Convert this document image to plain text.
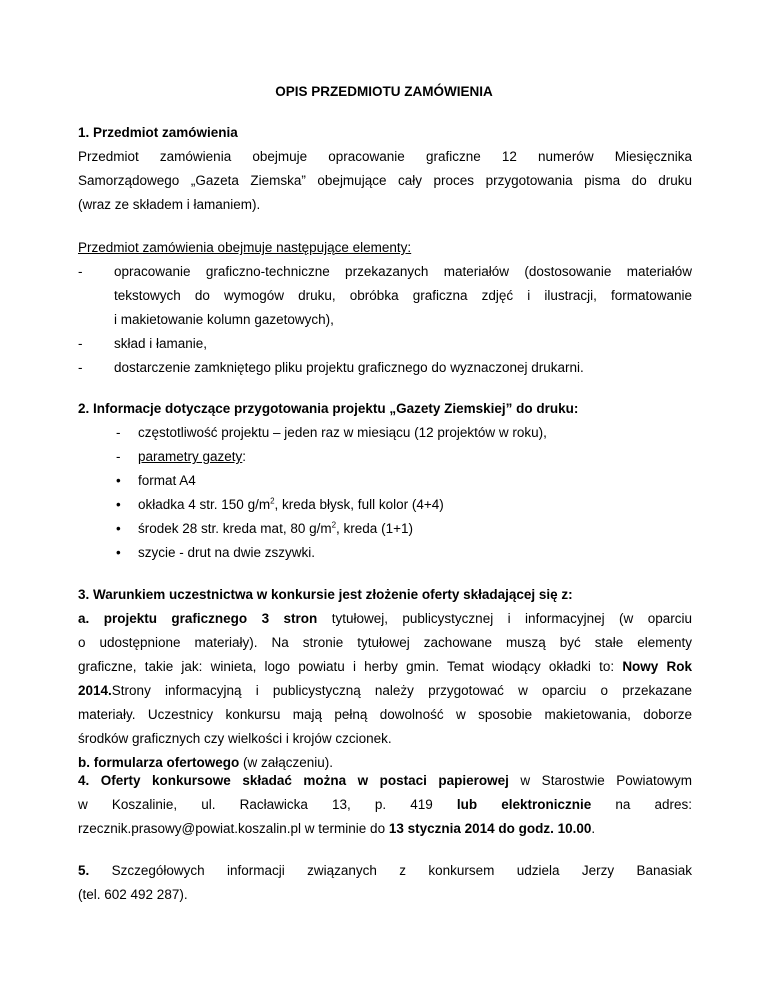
OPIS PRZEDMIOTU ZAMÓWIENIA
1. Przedmiot zamówienia
Przedmiot zamówienia obejmuje opracowanie graficzne 12 numerów Miesięcznika
Samorządowego „Gazeta Ziemska” obejmujące cały proces przygotowania pisma do druku
(wraz ze składem i łamaniem).
Przedmiot zamówienia obejmuje następujące elementy:
-	opracowanie graficzno-techniczne przekazanych materiałów (dostosowanie materiałów
tekstowych do wymogów druku, obróbka graficzna zdjęć i ilustracji, formatowanie
i makietowanie kolumn gazetowych),
-	skład i łamanie,
-	dostarczenie zamkniętego pliku projektu graficznego do wyznaczonej drukarni.
2. Informacje dotyczące przygotowania projektu „Gazety Ziemskiej” do druku:
- częstotliwość projektu – jeden raz w miesiącu (12 projektów w roku),
- parametry gazety:
• format A4
• okładka 4 str. 150 $g/m^2$, kreda błysk, full kolor (4+4)
• środek 28 str. kreda mat, 80 $g/m^2$, kreda (1+1)
• szycie - drut na dwie zszywki.
3. Warunkiem uczestnictwa w konkursie jest złożenie oferty składającej się z:
a. projektu graficznego 3 stron tytułowej, publicystycznej i informacyjnej (w oparciu
o udostępnione materiały). Na stronie tytułowej zachowane muszą być stałe elementy
graficzne, takie jak: winieta, logo powiatu i herby gmin. Temat wiodący okładki to: Nowy Rok
2014.Strony informacyjną i publicystyczną należy przygotować w oparciu o przekazane
materiały. Uczestnicy konkursu mają pełną dowolność w sposobie makietowania, doborze
środków graficznych czy wielkości i krojów czcionek.
b. formularza ofertowego (w załączeniu).
4. Oferty konkursowe składać można w postaci papierowej w Starostwie Powiatowym
w Koszalinie, ul. Racławicka 13, p. 419 lub elektronicznie na adres:
rzecznik.prasowy@powiat.koszalin.pl w terminie do 13 stycznia 2014 do godz. 10.00.
5. Szczegółowych informacji związanych z konkursem udziela Jerzy Banasiak
(tel. 602 492 287).
